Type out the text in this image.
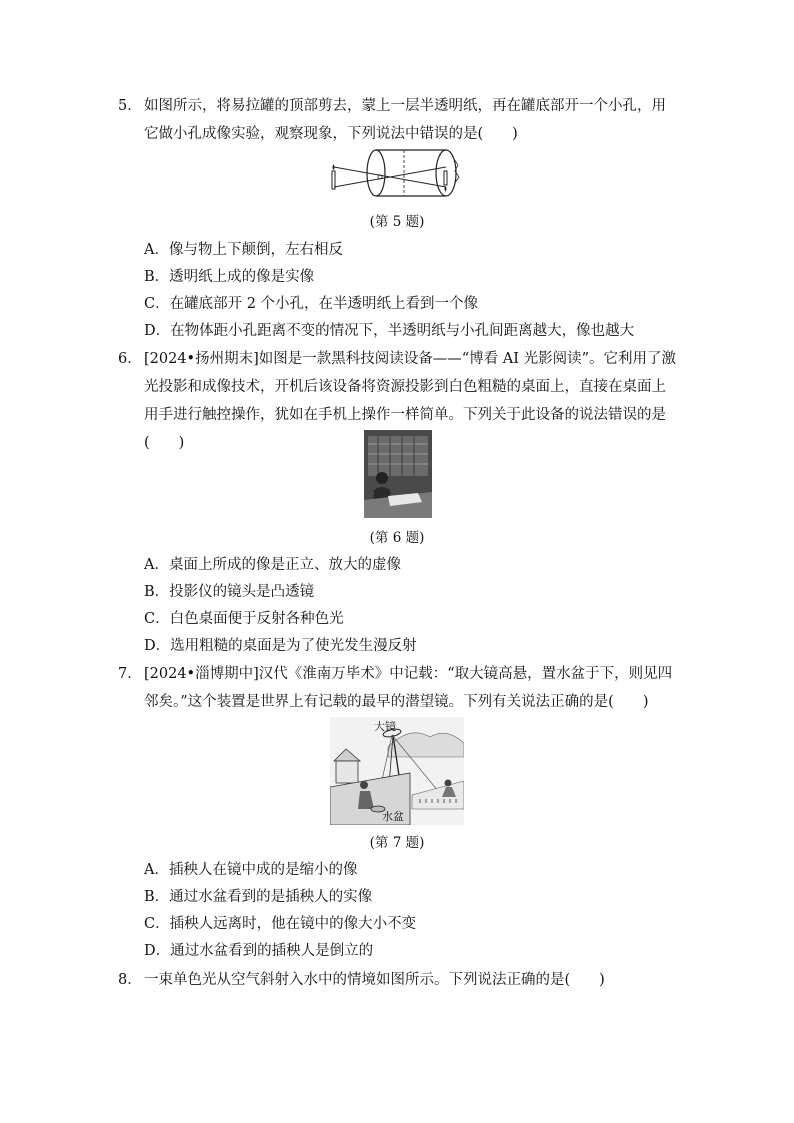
5． 如图所示，将易拉罐的顶部剪去，蒙上一层半透明纸，再在罐底部开一个小孔，用它做小孔成像实验，观察现象，下列说法中错误的是(　　)
(第 5 题)
A．像与物上下颠倒，左右相反
B．透明纸上成的像是实像
C．在罐底部开 2 个小孔，在半透明纸上看到一个像
D．在物体距小孔距离不变的情况下，半透明纸与小孔间距离越大，像也越大
6． [2024•扬州期末]如图是一款黑科技阅读设备——“博看 AI 光影阅读”。它利用了激光投影和成像技术，开机后该设备将资源投影到白色粗糙的桌面上，直接在桌面上用手进行触控操作，犹如在手机上操作一样简单。下列关于此设备的说法错误的是(　　)
(第 6 题)
A．桌面上所成的像是正立、放大的虚像
B．投影仪的镜头是凸透镜
C．白色桌面便于反射各种色光
D．选用粗糙的桌面是为了使光发生漫反射
7． [2024•淄博期中]汉代《淮南万毕术》中记载：“取大镜高悬，置水盆于下，则见四邻矣。”这个装置是世界上有记载的最早的潜望镜。下列有关说法正确的是(　　)
大镜
水盆
(第 7 题)
A．插秧人在镜中成的是缩小的像
B．通过水盆看到的是插秧人的实像
C．插秧人远离时，他在镜中的像大小不变
D．通过水盆看到的插秧人是倒立的
8． 一束单色光从空气斜射入水中的情境如图所示。下列说法正确的是(　　)
